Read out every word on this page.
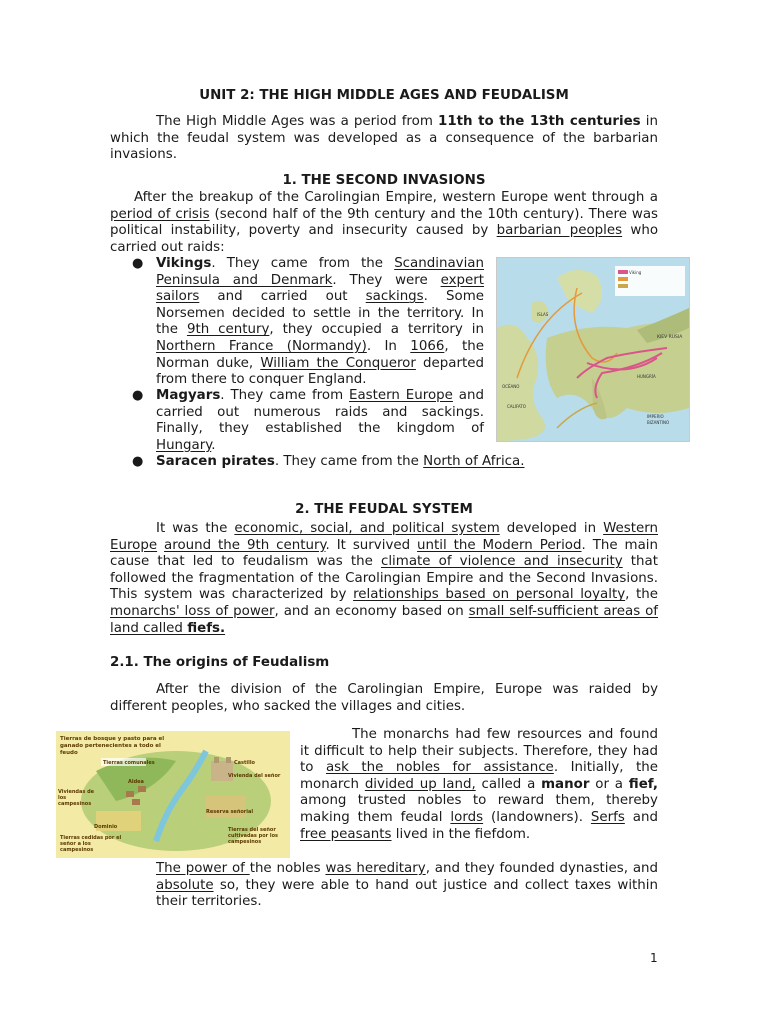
UNIT 2: THE HIGH MIDDLE AGES AND FEUDALISM
The High Middle Ages was a period from 11th to the 13th centuries in which the feudal system was developed as a consequence of the barbarian invasions.
1. THE SECOND INVASIONS
After the breakup of the Carolingian Empire, western Europe went through a period of crisis (second half of the 9th century and the 10th century). There was political instability, poverty and insecurity caused by barbarian peoples who carried out raids:
● Vikings. They came from the Scandinavian Peninsula and Denmark. They were expert sailors and carried out sackings. Some Norsemen decided to settle in the territory. In the 9th century, they occupied a territory in Northern France (Normandy). In 1066, the Norman duke, William the Conqueror departed from there to conquer England.
● Magyars. They came from Eastern Europe and carried out numerous raids and sackings. Finally, they established the kingdom of Hungary.
● Saracen pirates. They came from the North of Africa.
Viking
OCÉANO
ISLAS
KIEV RUSIA
HUNGRÍA
IMPERIO
BIZANTINO
CALIFATO
2. THE FEUDAL SYSTEM
It was the economic, social, and political system developed in Western Europe around the 9th century. It survived until the Modern Period. The main cause that led to feudalism was the climate of violence and insecurity that followed the fragmentation of the Carolingian Empire and the Second Invasions. This system was characterized by relationships based on personal loyalty, the monarchs' loss of power, and an economy based on small self-sufficient areas of land called fiefs.
2.1. The origins of Feudalism
After the division of the Carolingian Empire, Europe was raided by different peoples, who sacked the villages and cities.
Tierras de bosque y pasto para el
ganado pertenecientes a todo el
feudo
Tierras comunales
Viviendas de
los
campesinos
Aldea
Castillo
Vivienda del señor
Dominio
Reserva señorial
Tierras cedidas por el
señor a los
campesinos
Tierras del señor
cultivadas por los
campesinos
The monarchs had few resources and found it difficult to help their subjects. Therefore, they had to ask the nobles for assistance. Initially, the monarch divided up land, called a manor or a fief, among trusted nobles to reward them, thereby making them feudal lords (landowners). Serfs and free peasants lived in the fiefdom.
The power of the nobles was hereditary, and they founded dynasties, and absolute so, they were able to hand out justice and collect taxes within their territories.
1
